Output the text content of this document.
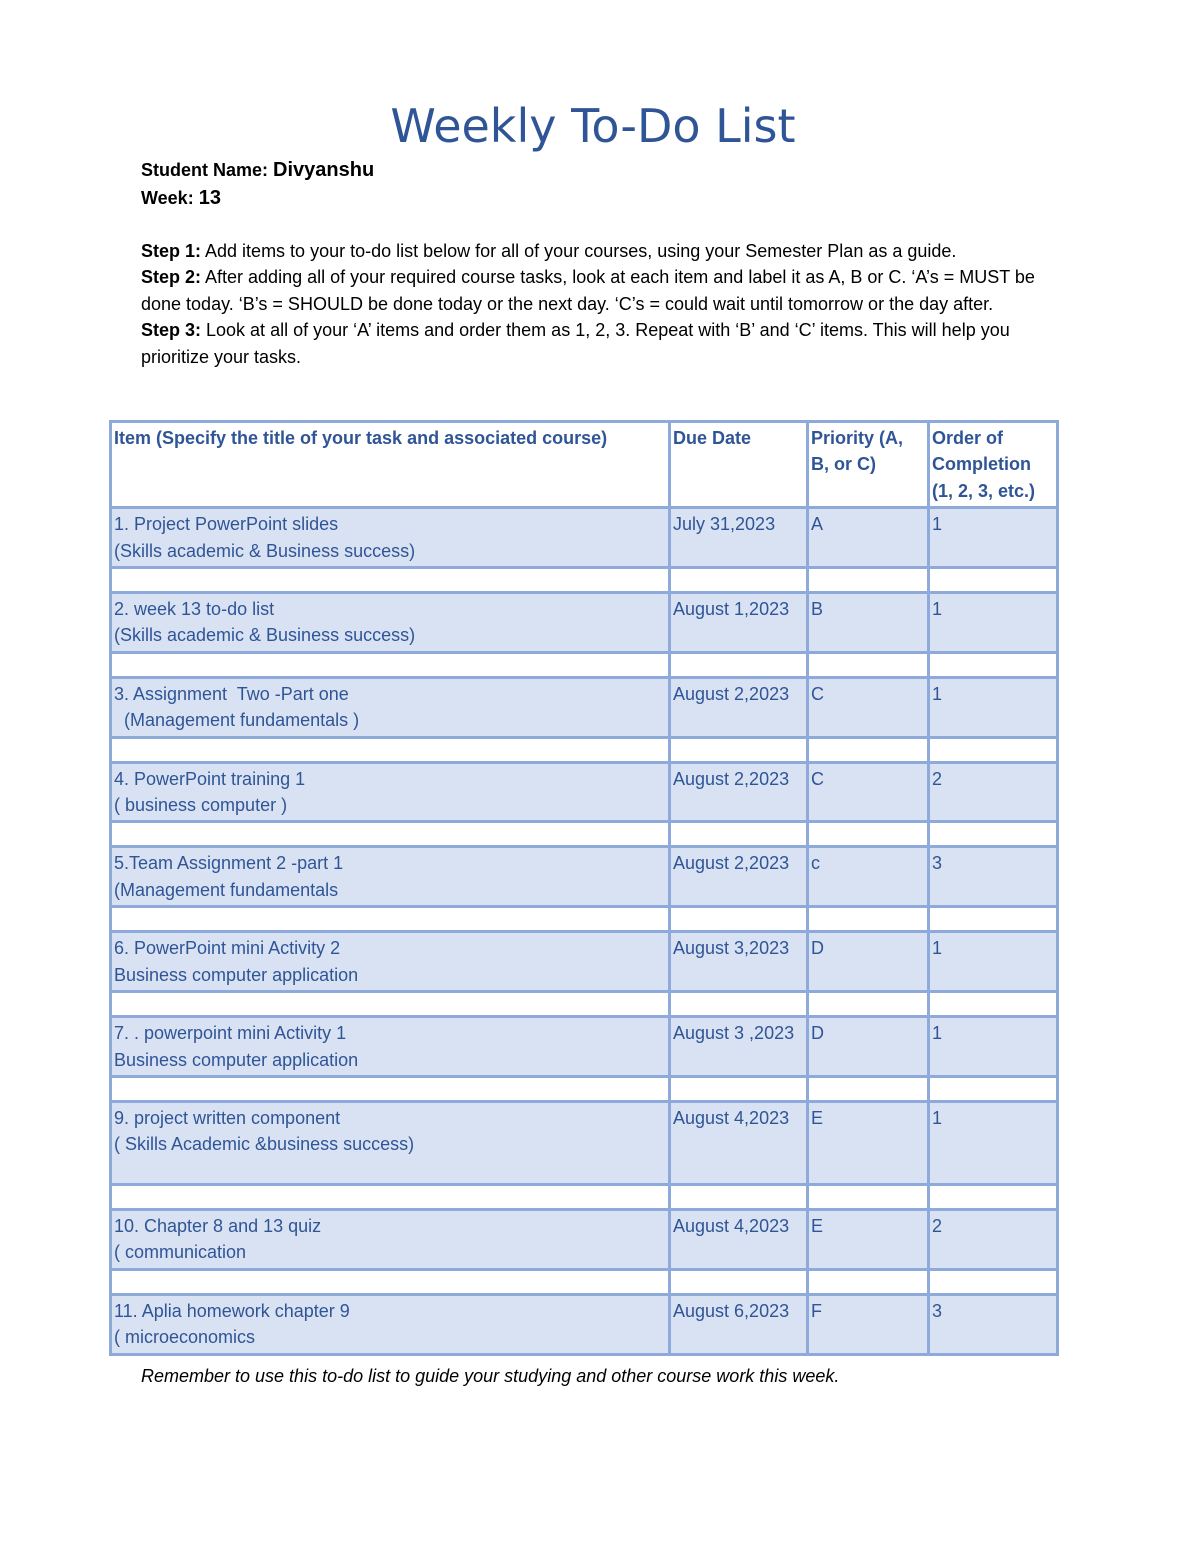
Weekly To-Do List
Student Name: Divyanshu
Week: 13

Step 1: Add items to your to-do list below for all of your courses, using your Semester Plan as a guide.

Step 2: After adding all of your required course tasks, look at each item and label it as A, B or C. ‘A’s = MUST be done today. ‘B’s = SHOULD be done today or the next day. ‘C’s = could wait until tomorrow or the day after.

Step 3: Look at all of your ‘A’ items and order them as 1, 2, 3. Repeat with ‘B’ and ‘C’ items. This will help you prioritize your tasks.

Item (Specify the title of your task and associated course)	Due Date	Priority (A, B, or C)	Order of Completion (1, 2, 3, etc.)

1. Project PowerPoint slides
(Skills academic & Business success)	July 31,2023	A	1

2. week 13 to-do list
(Skills academic & Business success)	August 1,2023	B	1

3. Assignment  Two -Part one
(Management fundamentals )	August 2,2023	C	1

4. PowerPoint training 1
( business computer )	August 2,2023	C	2

5.Team Assignment 2 -part 1
(Management fundamentals	August 2,2023	c	3

6. PowerPoint mini Activity 2
Business computer application	August 3,2023	D	1

7. . powerpoint mini Activity 1
Business computer application	August 3 ,2023	D	1

9. project written component
( Skills Academic &business success)	August 4,2023	E	1

10. Chapter 8 and 13 quiz
( communication	August 4,2023	E	2

11. Aplia homework chapter 9
( microeconomics	August 6,2023	F	3
Remember to use this to-do list to guide your studying and other course work this week.
